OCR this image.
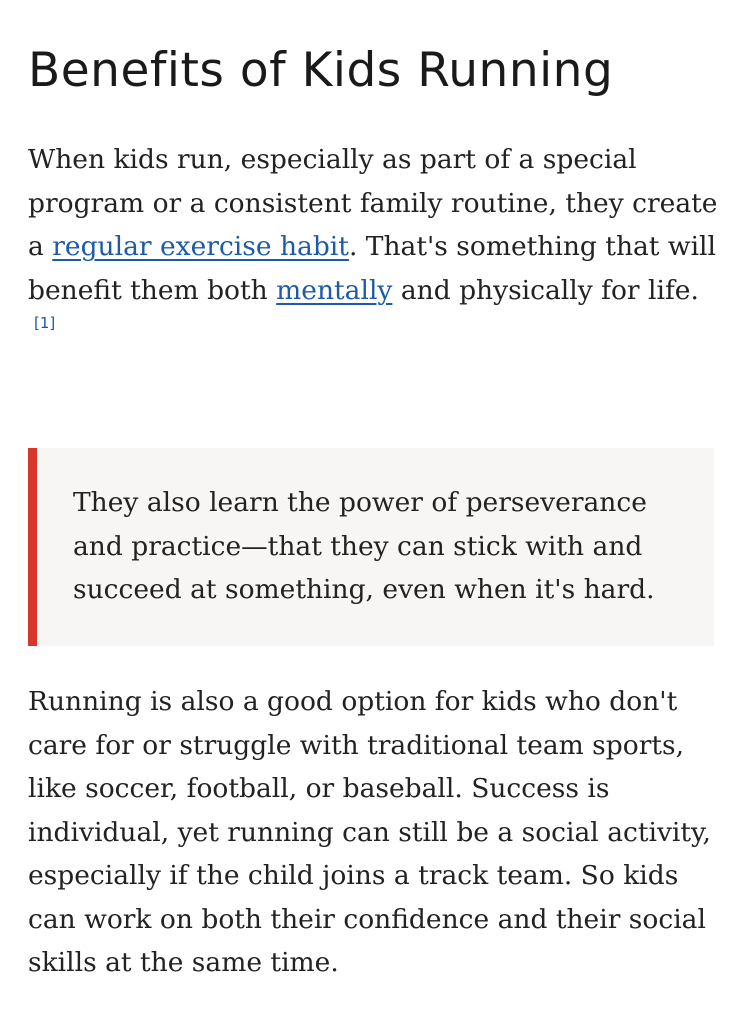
Benefits of Kids Running

When kids run, especially as part of a special program or a consistent family routine, they create a regular exercise habit. That's something that will benefit them both mentally and physically for life.[1]

They also learn the power of perseverance and practice—that they can stick with and succeed at something, even when it's hard.

Running is also a good option for kids who don't care for or struggle with traditional team sports, like soccer, football, or baseball. Success is individual, yet running can still be a social activity, especially if the child joins a track team. So kids can work on both their confidence and their social skills at the same time.
